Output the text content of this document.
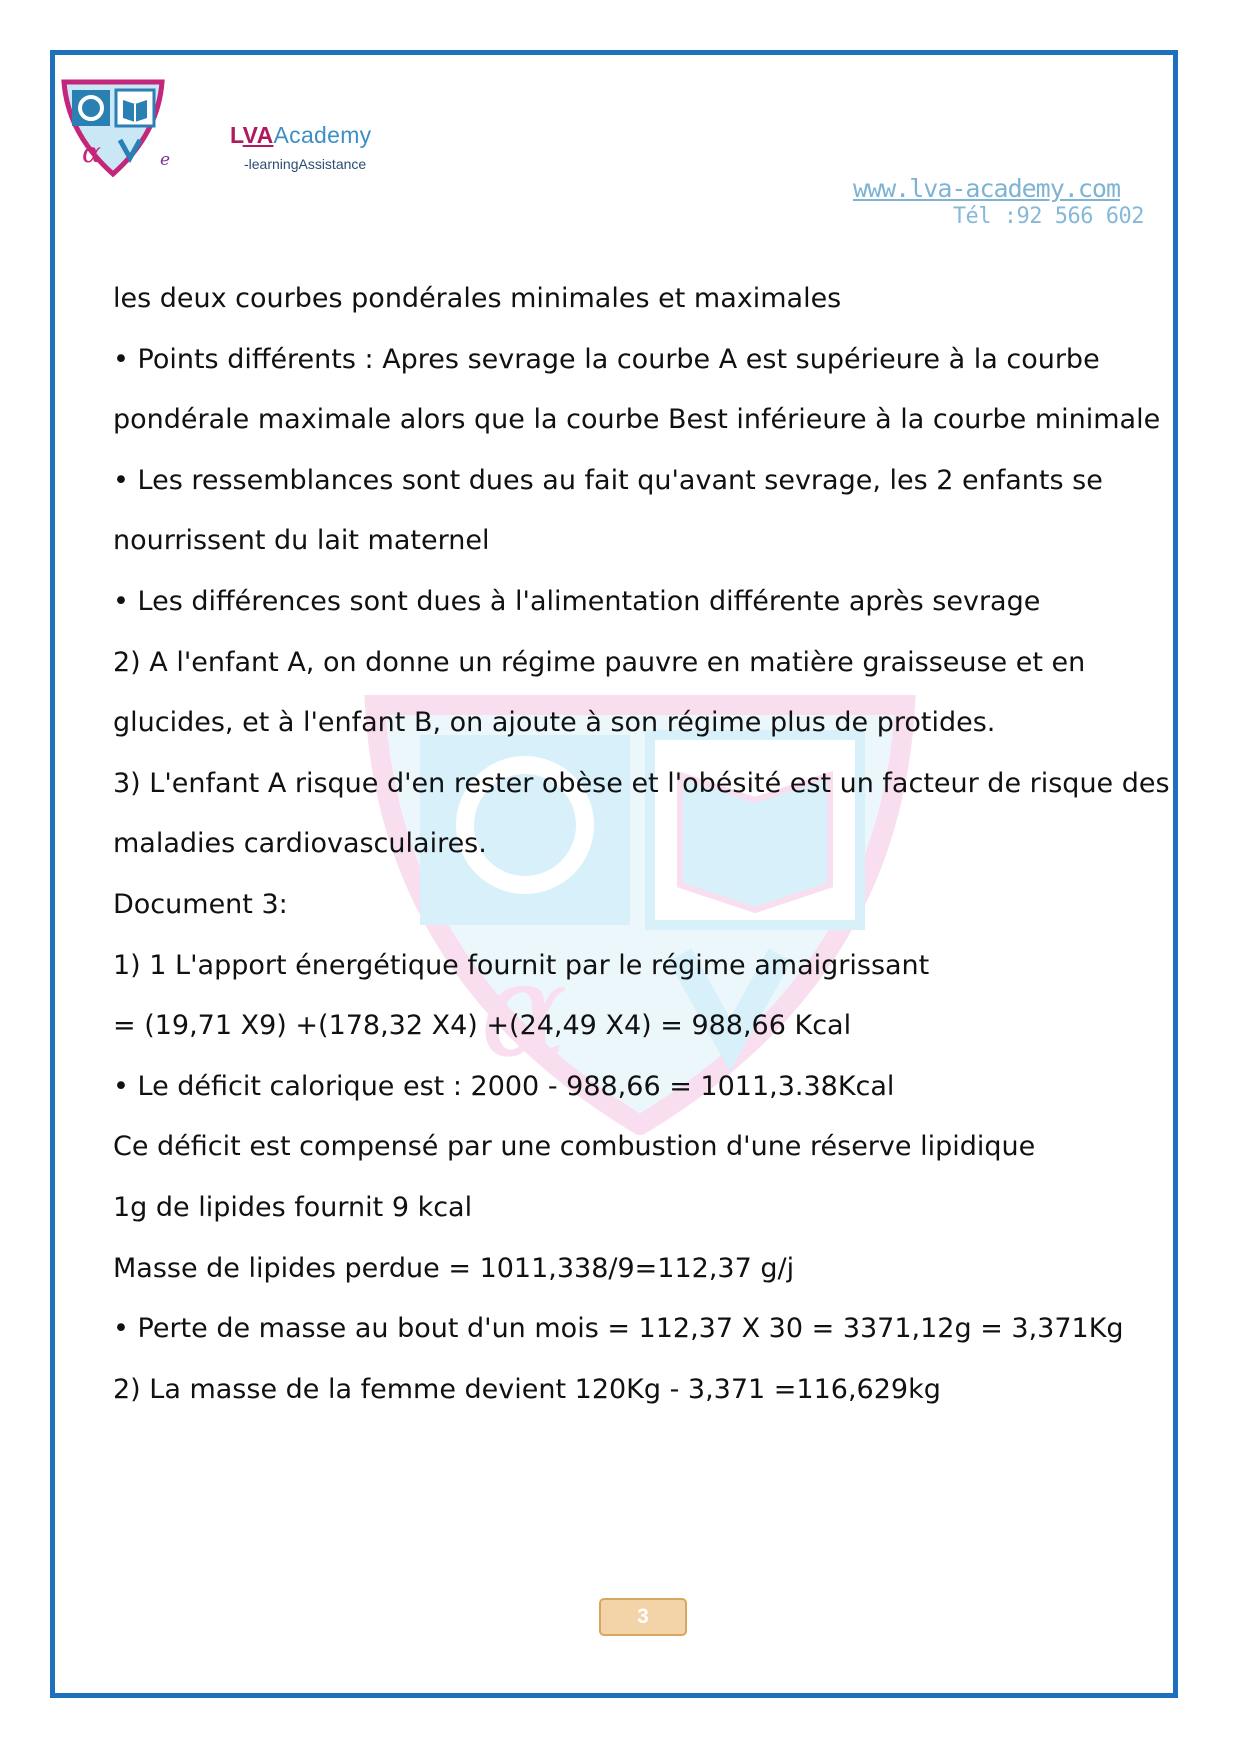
α	e
LVAAcademy
-learningAssistance
www.lva-academy.com
Tél :92 566 602
α
les deux courbes pondérales minimales et maximales
• Points différents : Apres sevrage la courbe A est supérieure à la courbe
pondérale maximale alors que la courbe Best inférieure à la courbe minimale
• Les ressemblances sont dues au fait qu'avant sevrage, les 2 enfants se
nourrissent du lait maternel
• Les différences sont dues à l'alimentation différente après sevrage
2) A l'enfant A, on donne un régime pauvre en matière graisseuse et en
glucides, et à l'enfant B, on ajoute à son régime plus de protides.
3) L'enfant A risque d'en rester obèse et l'obésité est un facteur de risque des
maladies cardiovasculaires.
Document 3:
1) 1 L'apport énergétique fournit par le régime amaigrissant
= (19,71 X9) +(178,32 X4) +(24,49 X4) = 988,66 Kcal
• Le déficit calorique est : 2000 - 988,66 = 1011,3.38Kcal
Ce déficit est compensé par une combustion d'une réserve lipidique
1g de lipides fournit 9 kcal
Masse de lipides perdue = 1011,338/9=112,37 g/j
• Perte de masse au bout d'un mois = 112,37 X 30 = 3371,12g = 3,371Kg
2) La masse de la femme devient 120Kg - 3,371 =116,629kg
3
